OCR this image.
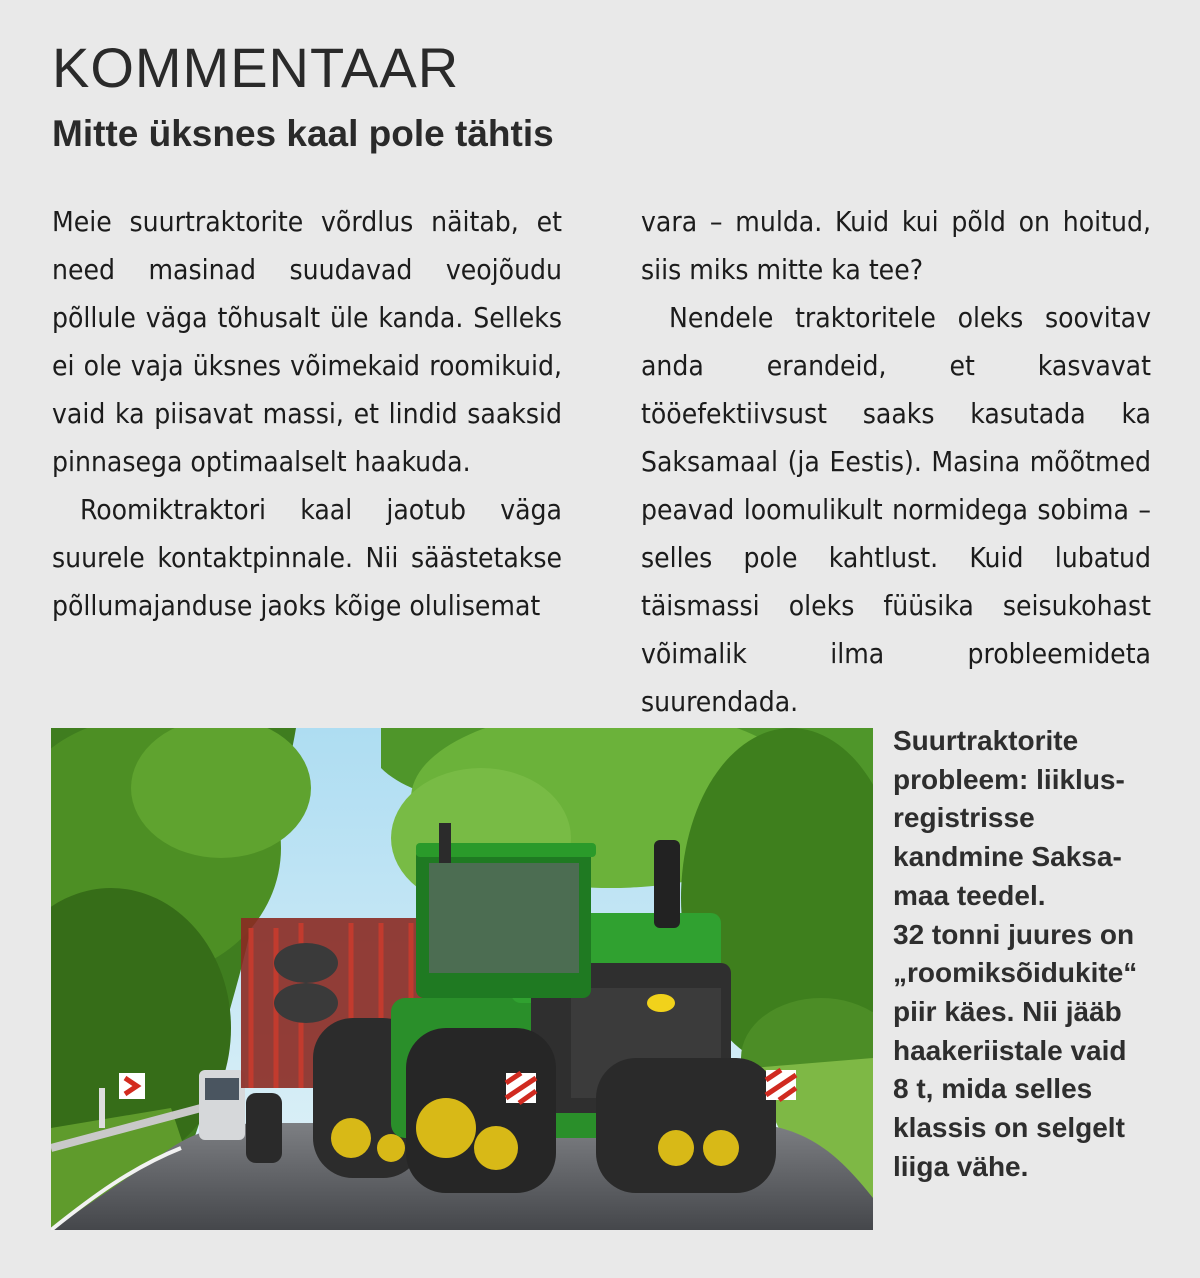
KOMMENTAAR
Mitte üksnes kaal pole tähtis

Meie suurtraktorite võrdlus näitab, et need masinad suudavad veojõudu põllule väga tõhusalt üle kanda. Selleks ei ole vaja üksnes võimekaid roomikuid, vaid ka piisavat massi, et lindid saaksid pinnasega optimaalselt haakuda.

Roomiktraktori kaal jaotub väga suurele kontaktpinnale. Nii säästetakse põllumajanduse jaoks kõige olulisemat

vara – mulda. Kuid kui põld on hoitud, siis miks mitte ka tee?

Nendele traktoritele oleks soovitav anda erandeid, et kasvavat tööefektiivsust saaks kasutada ka Saksamaal (ja Eestis). Masina mõõtmed peavad loomulikult normidega sobima – selles pole kahtlust. Kuid lubatud täismassi oleks füüsika seisukohast võimalik ilma probleemideta suurendada.

Suurtraktorite
probleem: liiklus-
registrisse
kandmine Saksa-
maa teedel.
32 tonni juures on
„roomiksõidukite“
piir käes. Nii jääb
haakeriistale vaid
8 t, mida selles
klassis on selgelt
liiga vähe.
